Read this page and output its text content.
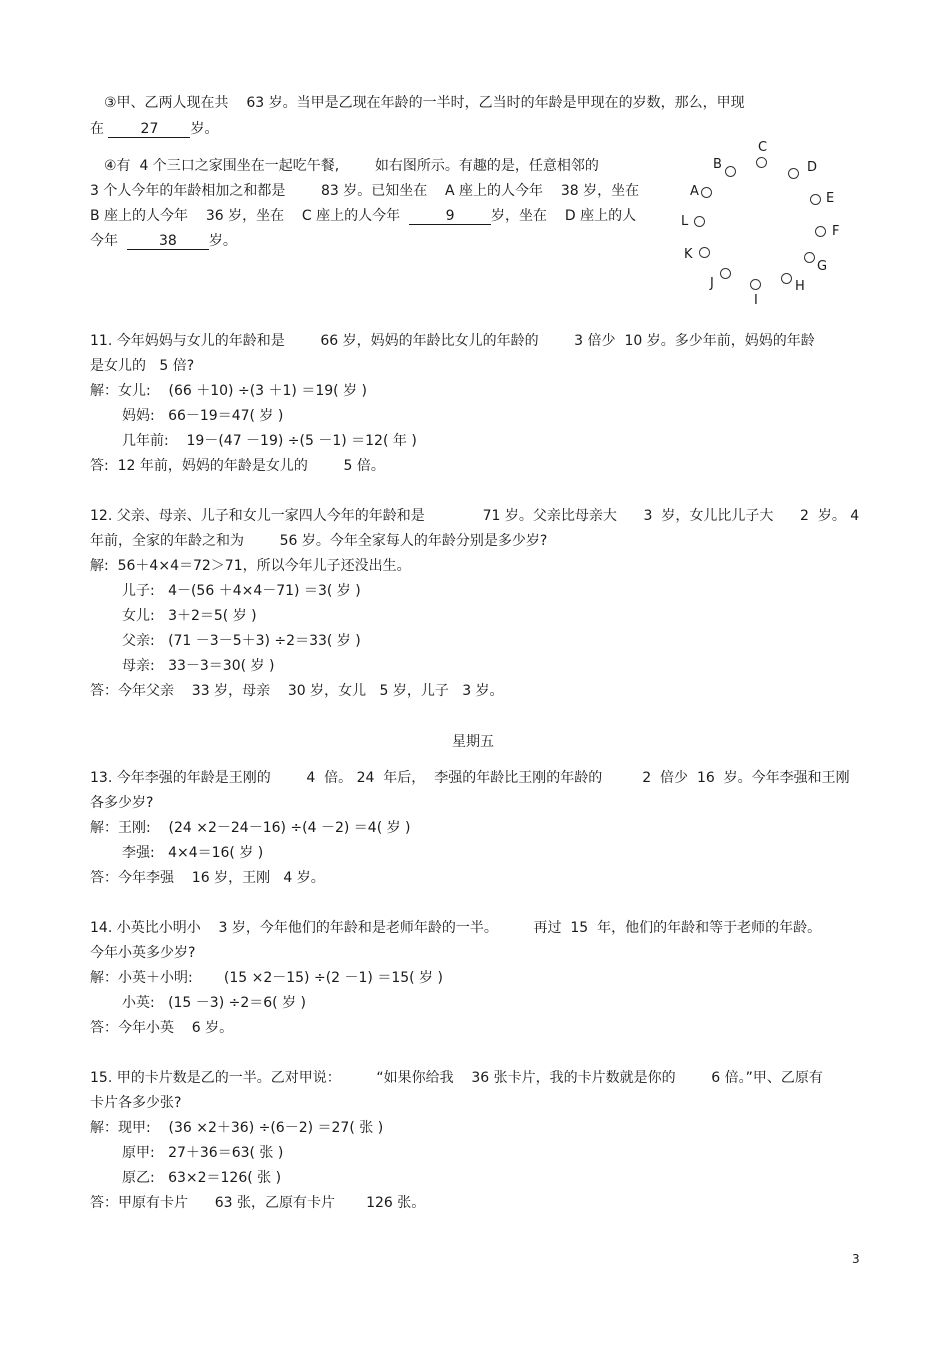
③甲、乙两人现在共    63 岁。当甲是乙现在年龄的一半时，乙当时的年龄是甲现在的岁数，那么，甲现
在 27 岁。
④有  4 个三口之家围坐在一起吃午餐,        如右图所示。有趣的是，任意相邻的
3 个人今年的年龄相加之和都是        83 岁。已知坐在    A 座上的人今年    38 岁，坐在
B 座上的人今年    36 岁，坐在    C 座上的人今年	9	岁，坐在    D 座上的人
今年  38 岁。
C
B	D
A	E
L
F
K
G
J	H
I
11. 今年妈妈与女儿的年龄和是        66 岁，妈妈的年龄比女儿的年龄的        3 倍少  10 岁。多少年前，妈妈的年龄
是女儿的   5 倍?
解：女儿:    (66 ＋10) ÷(3 ＋1) ＝19( 岁 )
妈妈:   66－19＝47( 岁 )
几年前:    19－(47 －19) ÷(5 －1) ＝12( 年 )
答:  12 年前，妈妈的年龄是女儿的        5 倍。
12. 父亲、母亲、儿子和女儿一家四人今年的年龄和是             71 岁。父亲比母亲大      3  岁，女儿比儿子大      2  岁。 4
年前，全家的年龄之和为        56 岁。今年全家每人的年龄分别是多少岁?
解:  56＋4×4＝72＞71，所以今年儿子还没出生。
儿子:   4－(56 ＋4×4－71) ＝3( 岁 )
女儿:   3＋2＝5( 岁 )
父亲:   (71 －3－5＋3) ÷2＝33( 岁 )
母亲:   33－3＝30( 岁 )
答：今年父亲    33 岁，母亲    30 岁，女儿   5 岁，儿子   3 岁。
星期五
13. 今年李强的年龄是王刚的        4  倍。 24  年后，  李强的年龄比王刚的年龄的         2  倍少  16  岁。今年李强和王刚
各多少岁?
解：王刚:    (24 ×2－24－16) ÷(4 －2) ＝4( 岁 )
李强:   4×4＝16( 岁 )
答：今年李强    16 岁，王刚   4 岁。
14. 小英比小明小    3 岁，今年他们的年龄和是老师年龄的一半。        再过  15  年，他们的年龄和等于老师的年龄。
今年小英多少岁?
解：小英＋小明:       (15 ×2－15) ÷(2 －1) ＝15( 岁 )
小英:   (15 －3) ÷2＝6( 岁 )
答：今年小英    6 岁。
15. 甲的卡片数是乙的一半。乙对甲说：        “如果你给我    36 张卡片，我的卡片数就是你的        6 倍。”甲、乙原有
卡片各多少张?
解：现甲:    (36 ×2＋36) ÷(6－2) ＝27( 张 )
原甲:   27＋36＝63( 张 )
原乙:   63×2＝126( 张 )
答：甲原有卡片      63 张，乙原有卡片       126 张。
3
